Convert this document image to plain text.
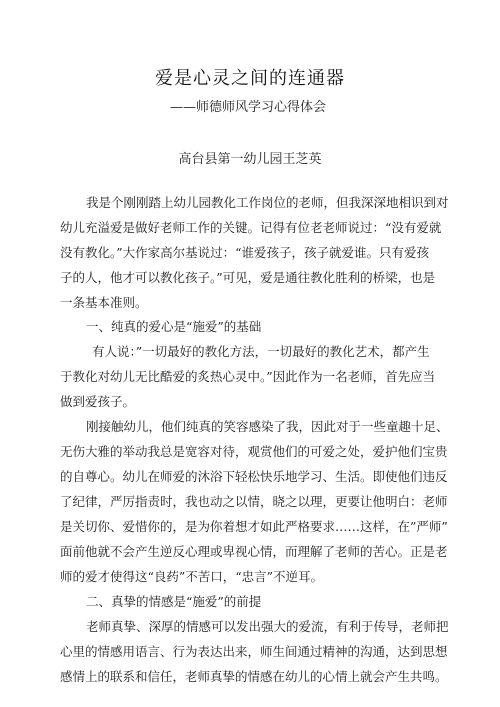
爱是心灵之间的连通器
——师德师风学习心得体会
高台县第一幼儿园王芝英
我是个刚刚踏上幼儿园教化工作岗位的老师，但我深深地相识到对
幼儿充溢爱是做好老师工作的关键。记得有位老老师说过：“没有爱就
没有教化。”大作家高尔基说过：“谁爱孩子，孩子就爱谁。只有爱孩
子的人，他才可以教化孩子。”可见，爱是通往教化胜利的桥梁，也是
一条基本准则。
一、纯真的爱心是“施爱”的基础
有人说：”一切最好的教化方法，一切最好的教化艺术，都产生
于教化对幼儿无比酷爱的炙热心灵中。”因此作为一名老师，首先应当
做到爱孩子。
刚接触幼儿，他们纯真的笑容感染了我，因此对于一些童趣十足、
无伤大雅的举动我总是宽容对待，观赏他们的可爱之处，爱护他们宝贵
的自尊心。幼儿在师爱的沐浴下轻松快乐地学习、生活。即使他们违反
了纪律，严厉指责时，我也动之以情，晓之以理，更要让他明白：老师
是关切你、爱惜你的，是为你着想才如此严格要求……这样，在”严师”
面前他就不会产生逆反心理或卑视心情，而理解了老师的苦心。正是老
师的爱才使得这“良药”不苦口，“忠言”不逆耳。
二、真挚的情感是“施爱”的前提
老师真挚、深厚的情感可以发出强大的爱流，有利于传导，老师把
心里的情感用语言、行为表达出来，师生间通过精神的沟通，达到思想
感情上的联系和信任，老师真挚的情感在幼儿的心情上就会产生共鸣。
